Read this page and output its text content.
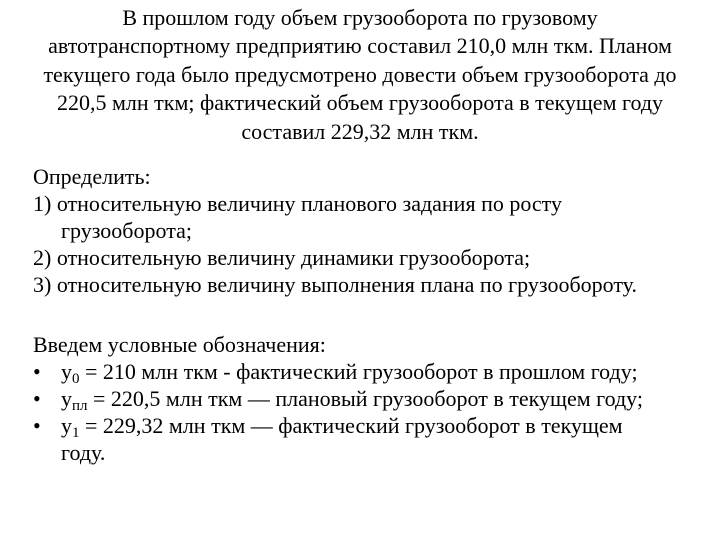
В прошлом году объем грузооборота по грузовому
автотранспортному предприятию составил 210,0 млн ткм. Планом
текущего года было предусмотрено довести объем грузооборота до
220,5 млн ткм; фактический объем грузооборота в текущем году
составил 229,32 млн ткм.
Определить:
1) относительную величину планового задания по росту
грузооборота;
2) относительную величину динамики грузооборота;
3) относительную величину выполнения плана по грузообороту.
Введем условные обозначения:
• $у_0 = 210$ млн ткм - фактический грузооборот в прошлом году;
• $у_{пл} = 220,5$ млн ткм — плановый грузооборот в текущем году;
• $у_1 = 229,32$ млн ткм — фактический грузооборот в текущем
году.
